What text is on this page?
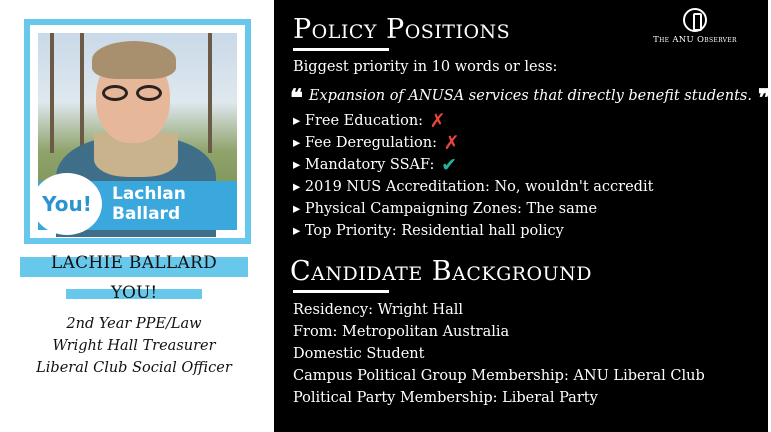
You!	Lachlan
Ballard
LACHIE BALLARD
YOU!
2nd Year PPE/Law
Wright Hall Treasurer
Liberal Club Social Officer
Policy Positions	The ANU Observer
Biggest priority in 10 words or less:
❝ Expansion of ANUSA services that directly benefit students. ❞
▸ Free Education: ✗
▸ Fee Deregulation: ✗
▸ Mandatory SSAF: ✔
▸ 2019 NUS Accreditation: No, wouldn't accredit
▸ Physical Campaigning Zones: The same
▸ Top Priority: Residential hall policy
Candidate Background
Residency: Wright Hall
From: Metropolitan Australia
Domestic Student
Campus Political Group Membership: ANU Liberal Club
Political Party Membership: Liberal Party
